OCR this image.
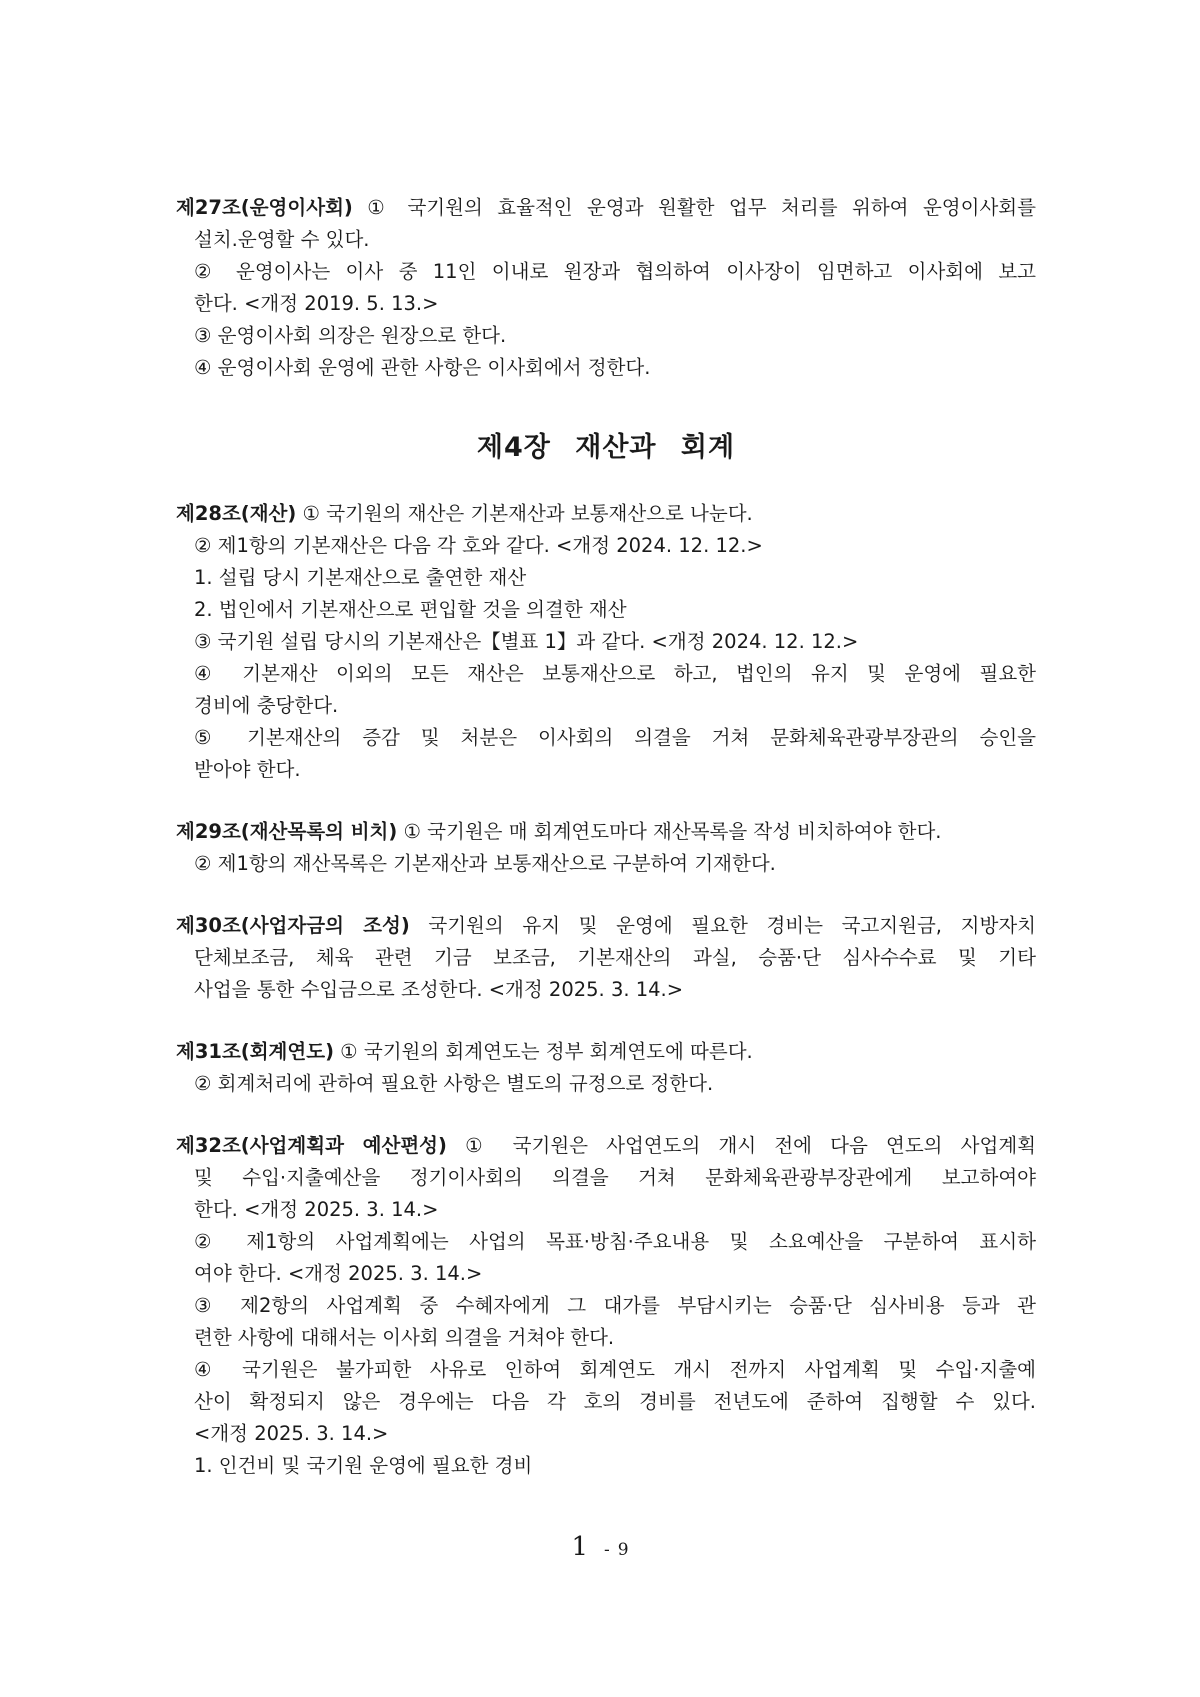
제27조(운영이사회) ① 국기원의 효율적인 운영과 원활한 업무 처리를 위하여 운영이사회를

설치.운영할 수 있다.

② 운영이사는 이사 중 11인 이내로 원장과 협의하여 이사장이 임면하고 이사회에 보고

한다. <개정 2019. 5. 13.>

③ 운영이사회 의장은 원장으로 한다.

④ 운영이사회 운영에 관한 사항은 이사회에서 정한다.

제4장 재산과 회계

제28조(재산) ① 국기원의 재산은 기본재산과 보통재산으로 나눈다.

② 제1항의 기본재산은 다음 각 호와 같다. <개정 2024. 12. 12.>

1. 설립 당시 기본재산으로 출연한 재산

2. 법인에서 기본재산으로 편입할 것을 의결한 재산

③ 국기원 설립 당시의 기본재산은【별표 1】과 같다. <개정 2024. 12. 12.>

④ 기본재산 이외의 모든 재산은 보통재산으로 하고, 법인의 유지 및 운영에 필요한

경비에 충당한다.

⑤ 기본재산의 증감 및 처분은 이사회의 의결을 거쳐 문화체육관광부장관의 승인을

받아야 한다.

제29조(재산목록의 비치) ① 국기원은 매 회계연도마다 재산목록을 작성 비치하여야 한다.

② 제1항의 재산목록은 기본재산과 보통재산으로 구분하여 기재한다.

제30조(사업자금의 조성) 국기원의 유지 및 운영에 필요한 경비는 국고지원금, 지방자치

단체보조금, 체육 관련 기금 보조금, 기본재산의 과실, 승품·단 심사수수료 및 기타

사업을 통한 수입금으로 조성한다. <개정 2025. 3. 14.>

제31조(회계연도) ① 국기원의 회계연도는 정부 회계연도에 따른다.

② 회계처리에 관하여 필요한 사항은 별도의 규정으로 정한다.

제32조(사업계획과 예산편성) ① 국기원은 사업연도의 개시 전에 다음 연도의 사업계획

및 수입·지출예산을 정기이사회의 의결을 거쳐 문화체육관광부장관에게 보고하여야

한다. <개정 2025. 3. 14.>

② 제1항의 사업계획에는 사업의 목표·방침·주요내용 및 소요예산을 구분하여 표시하

여야 한다. <개정 2025. 3. 14.>

③ 제2항의 사업계획 중 수혜자에게 그 대가를 부담시키는 승품·단 심사비용 등과 관

련한 사항에 대해서는 이사회 의결을 거쳐야 한다.

④ 국기원은 불가피한 사유로 인하여 회계연도 개시 전까지 사업계획 및 수입·지출예

산이 확정되지 않은 경우에는 다음 각 호의 경비를 전년도에 준하여 집행할 수 있다.

<개정 2025. 3. 14.>

1. 인건비 및 국기원 운영에 필요한 경비

1 - 9
